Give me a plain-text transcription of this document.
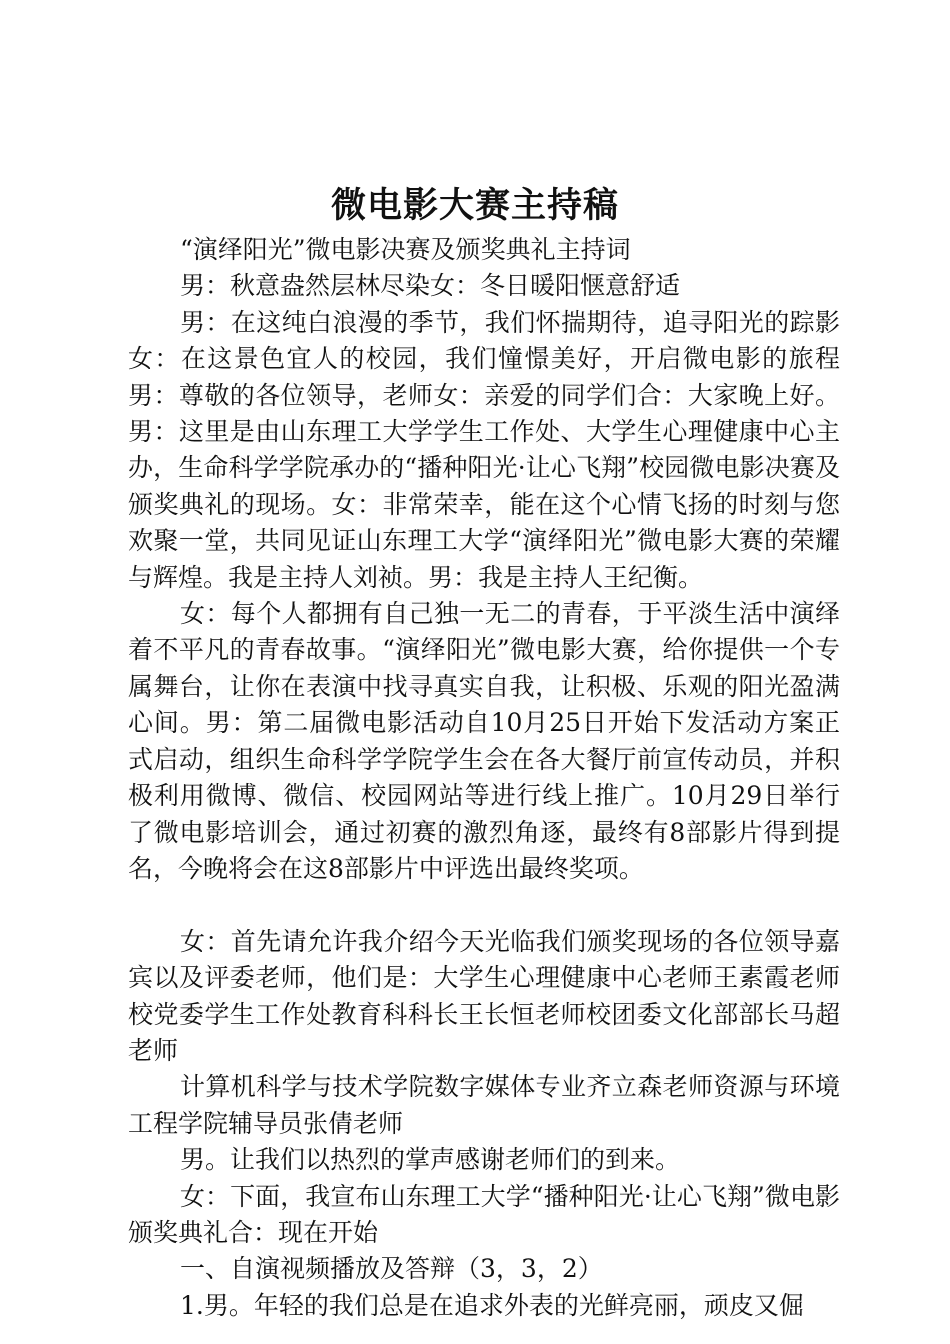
微电影大赛主持稿

“演绎阳光”微电影决赛及颁奖典礼主持词

男：秋意盎然层林尽染女：冬日暖阳惬意舒适

男：在这纯白浪漫的季节，我们怀揣期待，追寻阳光的踪影女：在这景色宜人的校园，我们憧憬美好，开启微电影的旅程男：尊敬的各位领导，老师女：亲爱的同学们合：大家晚上好。男：这里是由山东理工大学学生工作处、大学生心理健康中心主办，生命科学学院承办的“播种阳光·让心飞翔”校园微电影决赛及颁奖典礼的现场。女：非常荣幸，能在这个心情飞扬的时刻与您欢聚一堂，共同见证山东理工大学“演绎阳光”微电影大赛的荣耀与辉煌。我是主持人刘祯。男：我是主持人王纪衡。

女：每个人都拥有自己独一无二的青春，于平淡生活中演绎着不平凡的青春故事。“演绎阳光”微电影大赛，给你提供一个专属舞台，让你在表演中找寻真实自我，让积极、乐观的阳光盈满心间。男：第二届微电影活动自10月25日开始下发活动方案正式启动，组织生命科学学院学生会在各大餐厅前宣传动员，并积极利用微博、微信、校园网站等进行线上推广。10月29日举行了微电影培训会，通过初赛的激烈角逐，最终有8部影片得到提名，今晚将会在这8部影片中评选出最终奖项。

女：首先请允许我介绍今天光临我们颁奖现场的各位领导嘉宾以及评委老师，他们是：大学生心理健康中心老师王素霞老师校党委学生工作处教育科科长王长恒老师校团委文化部部长马超老师

计算机科学与技术学院数字媒体专业齐立森老师资源与环境工程学院辅导员张倩老师

男。让我们以热烈的掌声感谢老师们的到来。

女：下面，我宣布山东理工大学“播种阳光·让心飞翔”微电影颁奖典礼合：现在开始

一、自演视频播放及答辩（3，3，2）

1.男。年轻的我们总是在追求外表的光鲜亮丽，顽皮又倔
